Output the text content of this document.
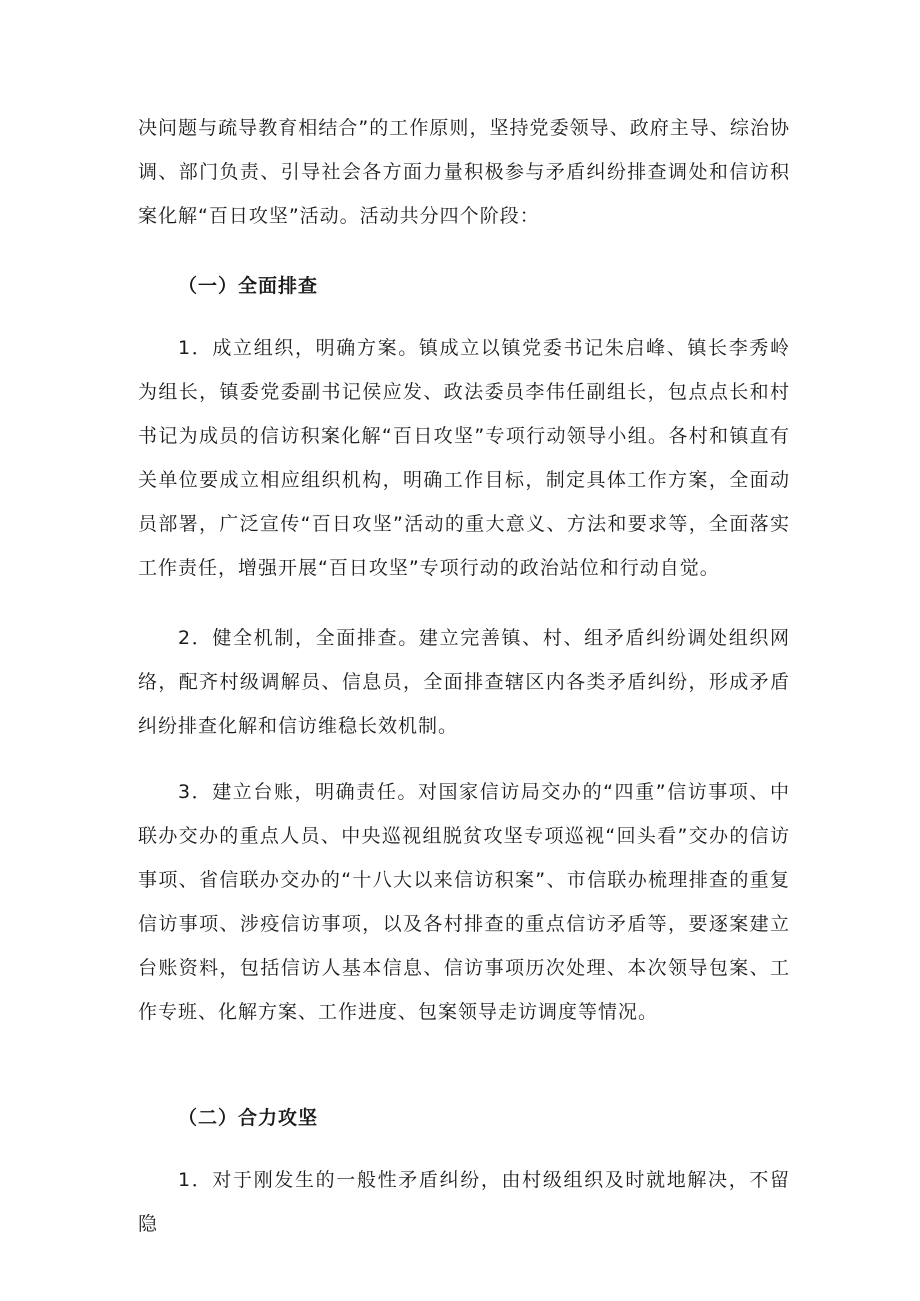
决问题与疏导教育相结合”的工作原则，坚持党委领导、政府主导、综治协调、部门负责、引导社会各方面力量积极参与矛盾纠纷排查调处和信访积案化解“百日攻坚”活动。活动共分四个阶段：

（一）全面排查

1．成立组织，明确方案。镇成立以镇党委书记朱启峰、镇长李秀岭为组长，镇委党委副书记侯应发、政法委员李伟任副组长，包点点长和村书记为成员的信访积案化解“百日攻坚”专项行动领导小组。各村和镇直有关单位要成立相应组织机构，明确工作目标，制定具体工作方案，全面动员部署，广泛宣传“百日攻坚”活动的重大意义、方法和要求等，全面落实工作责任，增强开展“百日攻坚”专项行动的政治站位和行动自觉。

2．健全机制，全面排查。建立完善镇、村、组矛盾纠纷调处组织网络，配齐村级调解员、信息员，全面排查辖区内各类矛盾纠纷，形成矛盾纠纷排查化解和信访维稳长效机制。

3．建立台账，明确责任。对国家信访局交办的“四重”信访事项、中联办交办的重点人员、中央巡视组脱贫攻坚专项巡视“回头看”交办的信访事项、省信联办交办的“十八大以来信访积案”、市信联办梳理排查的重复信访事项、涉疫信访事项，以及各村排查的重点信访矛盾等，要逐案建立台账资料，包括信访人基本信息、信访事项历次处理、本次领导包案、工作专班、化解方案、工作进度、包案领导走访调度等情况。

（二）合力攻坚

1．对于刚发生的一般性矛盾纠纷，由村级组织及时就地解决，不留隐
